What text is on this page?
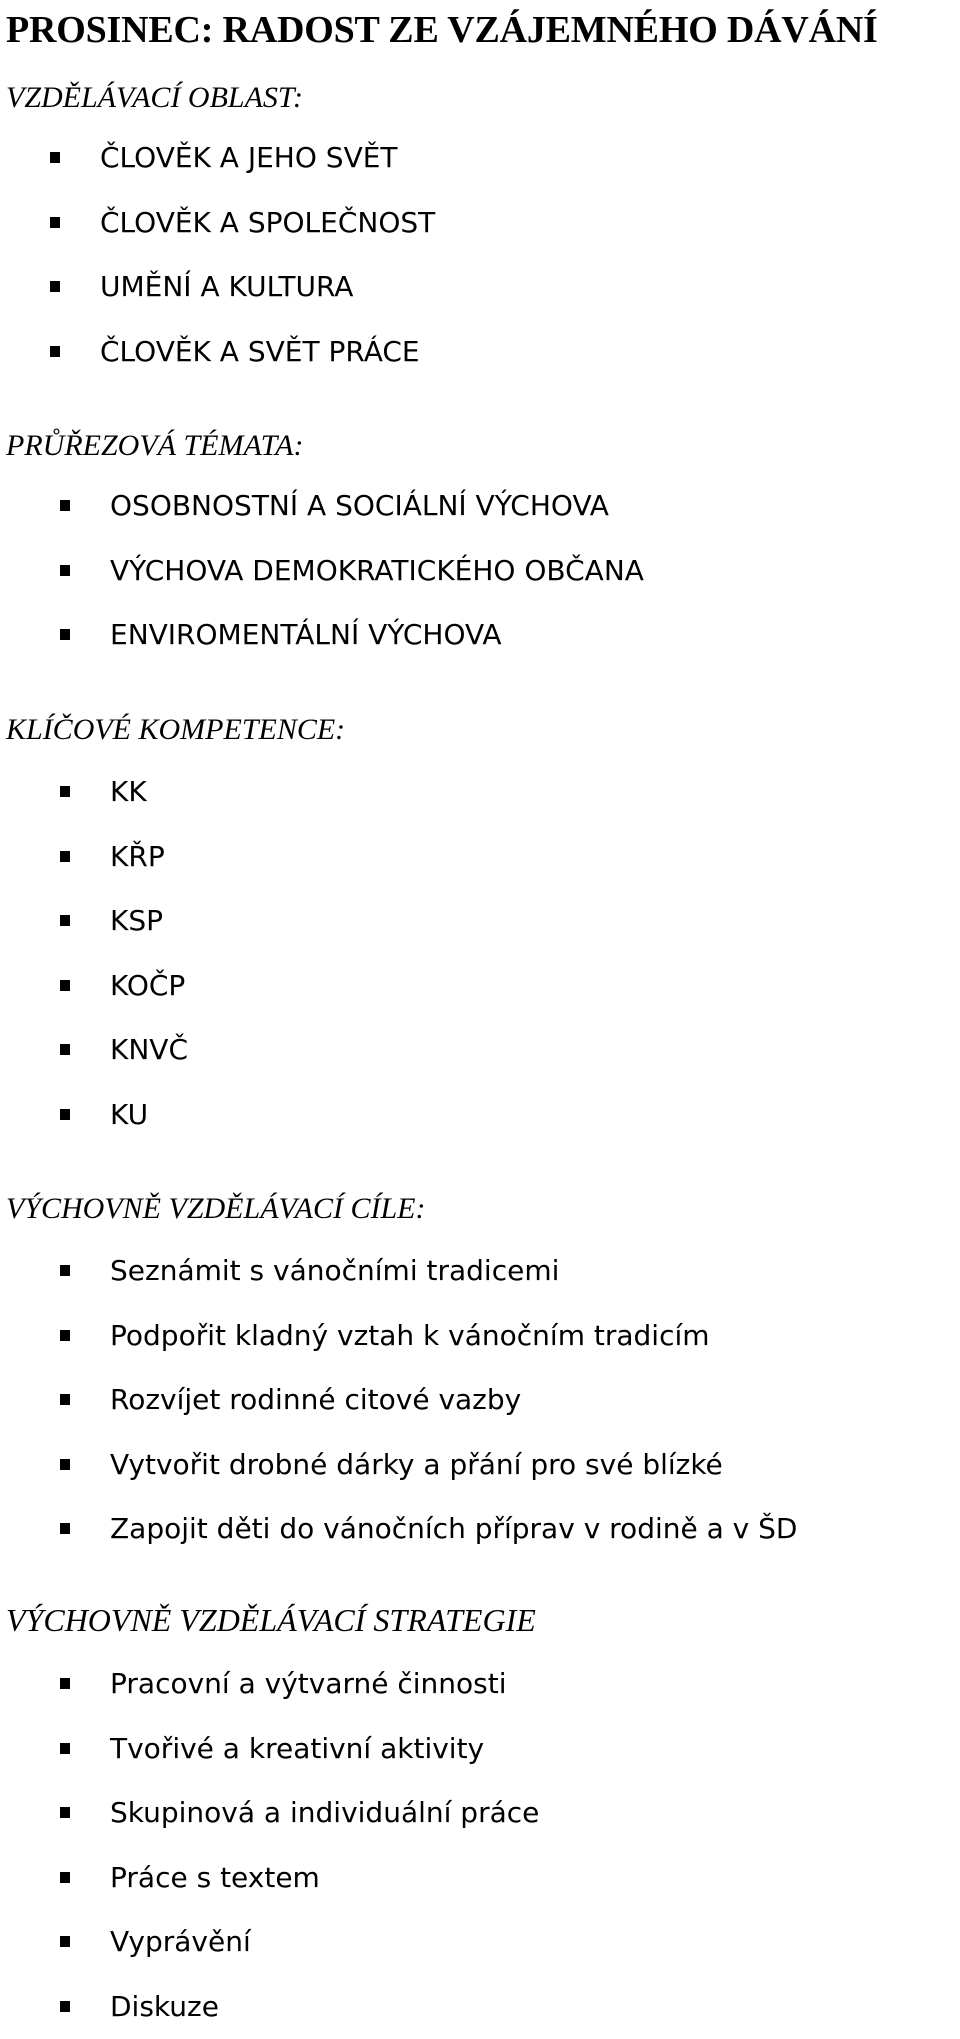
PROSINEC: RADOST ZE VZÁJEMNÉHO DÁVÁNÍ
VZDĚLÁVACÍ OBLAST:
ČLOVĚK A JEHO SVĚT
ČLOVĚK A SPOLEČNOST
UMĚNÍ A KULTURA
ČLOVĚK A SVĚT PRÁCE
PRŮŘEZOVÁ TÉMATA:
OSOBNOSTNÍ A SOCIÁLNÍ VÝCHOVA
VÝCHOVA DEMOKRATICKÉHO OBČANA
ENVIROMENTÁLNÍ VÝCHOVA
KLÍČOVÉ KOMPETENCE:
KK
KŘP
KSP
KOČP
KNVČ
KU
VÝCHOVNĚ VZDĚLÁVACÍ CÍLE:
Seznámit s vánočními tradicemi
Podpořit kladný vztah k vánočním tradicím
Rozvíjet rodinné citové vazby
Vytvořit drobné dárky a přání pro své blízké
Zapojit děti do vánočních příprav v rodině a v ŠD
VÝCHOVNĚ VZDĚLÁVACÍ STRATEGIE
Pracovní a výtvarné činnosti
Tvořivé a kreativní aktivity
Skupinová a individuální práce
Práce s textem
Vyprávění
Diskuze
